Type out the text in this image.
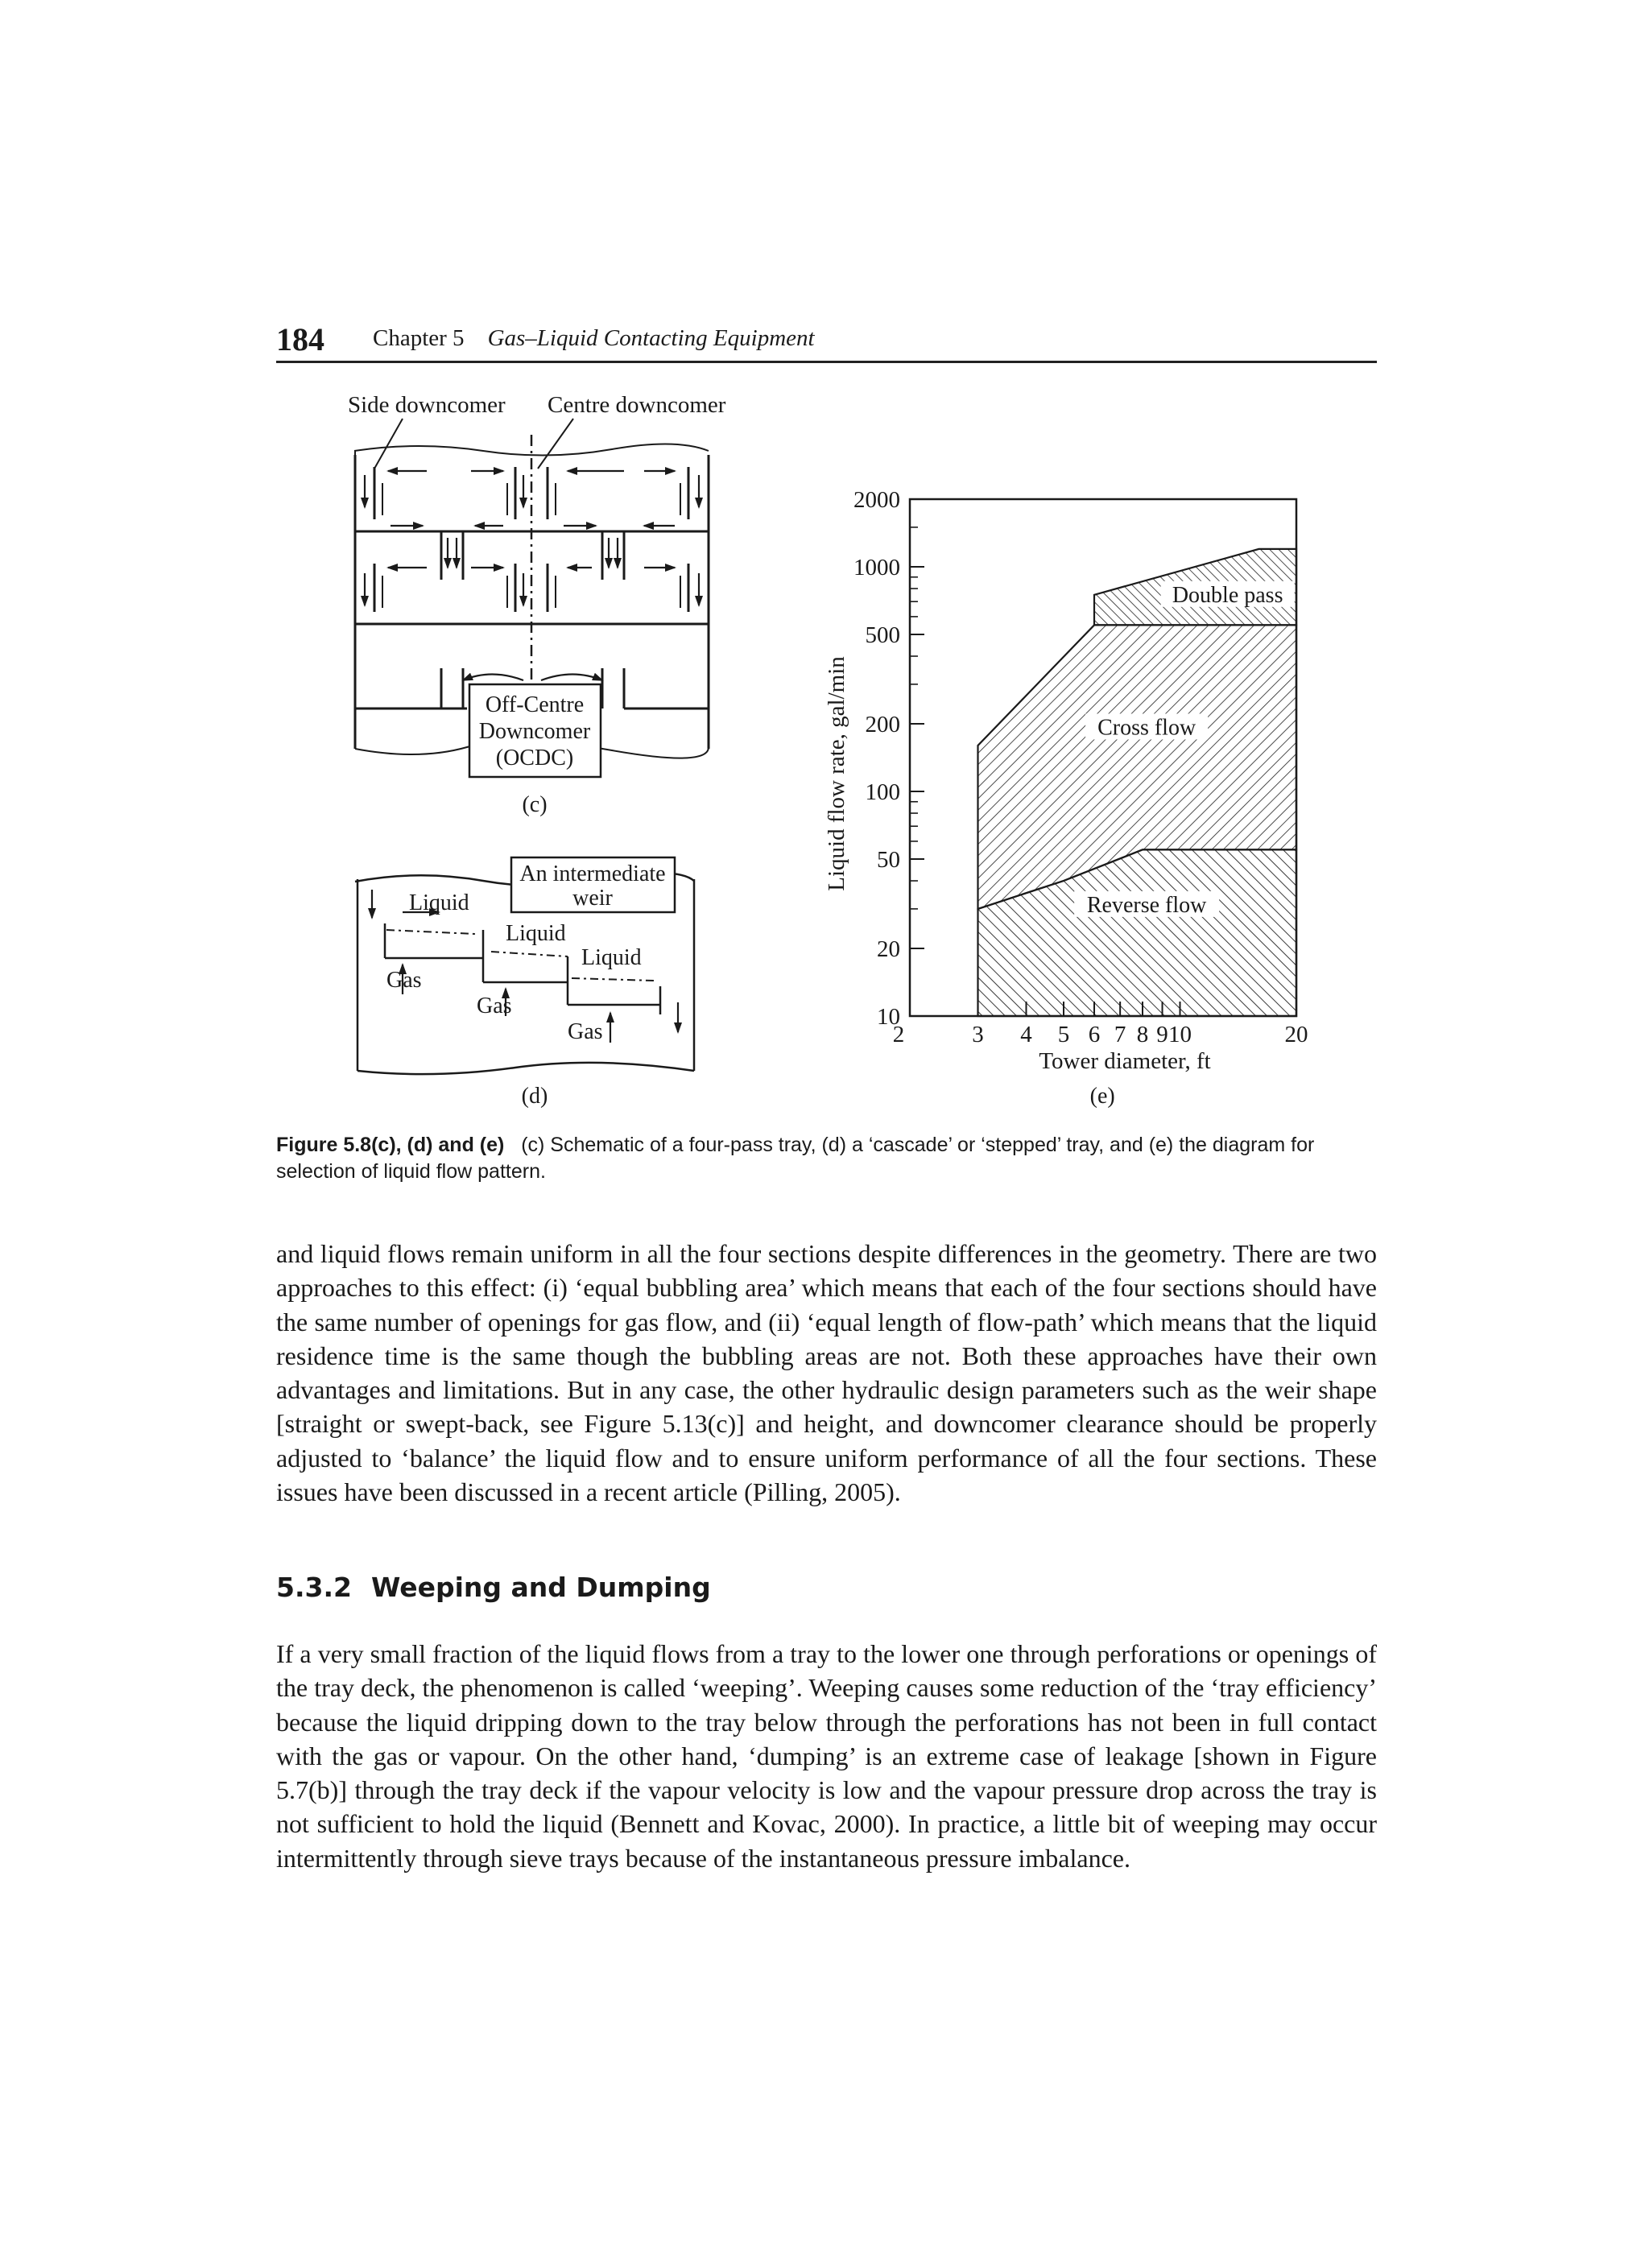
184 Chapter 5 Gas–Liquid Contacting Equipment
Side downcomer Centre downcomer
Off-Centre
Downcomer
(OCDC)
(c)
An intermediate
weir
Liquid
Liquid
Liquid
Gas
Gas
Gas
(d)
10
20
50
100
200
500
1000
2000
2	3 4 5 6 7 8 9 10	20
Reverse flow
Cross flow
Double pass
Tower diameter, ft
Liquid flow rate, gal/min
(e)
Figure 5.8(c), (d) and (e) (c) Schematic of a four-pass tray, (d) a ‘cascade’ or ‘stepped’ tray, and (e) the diagram for selection of liquid flow pattern.
and liquid flows remain uniform in all the four sections despite differences in the geometry. There are two approaches to this effect: (i) ‘equal bubbling area’ which means that each of the four sections should have the same number of openings for gas flow, and (ii) ‘equal length of flow-path’ which means that the liquid residence time is the same though the bubbling areas are not. Both these approaches have their own advantages and limitations. But in any case, the other hydraulic design parameters such as the weir shape [straight or swept-back, see Figure 5.13(c)] and height, and downcomer clearance should be properly adjusted to ‘balance’ the liquid flow and to ensure uniform performance of all the four sections. These issues have been discussed in a recent article (Pilling, 2005).
5.3.2 Weeping and Dumping
If a very small fraction of the liquid flows from a tray to the lower one through perforations or openings of the tray deck, the phenomenon is called ‘weeping’. Weeping causes some reduction of the ‘tray efficiency’ because the liquid dripping down to the tray below through the perforations has not been in full contact with the gas or vapour. On the other hand, ‘dumping’ is an extreme case of leakage [shown in Figure 5.7(b)] through the tray deck if the vapour velocity is low and the vapour pressure drop across the tray is not sufficient to hold the liquid (Bennett and Kovac, 2000). In practice, a little bit of weeping may occur intermittently through sieve trays because of the instantaneous pressure imbalance.
